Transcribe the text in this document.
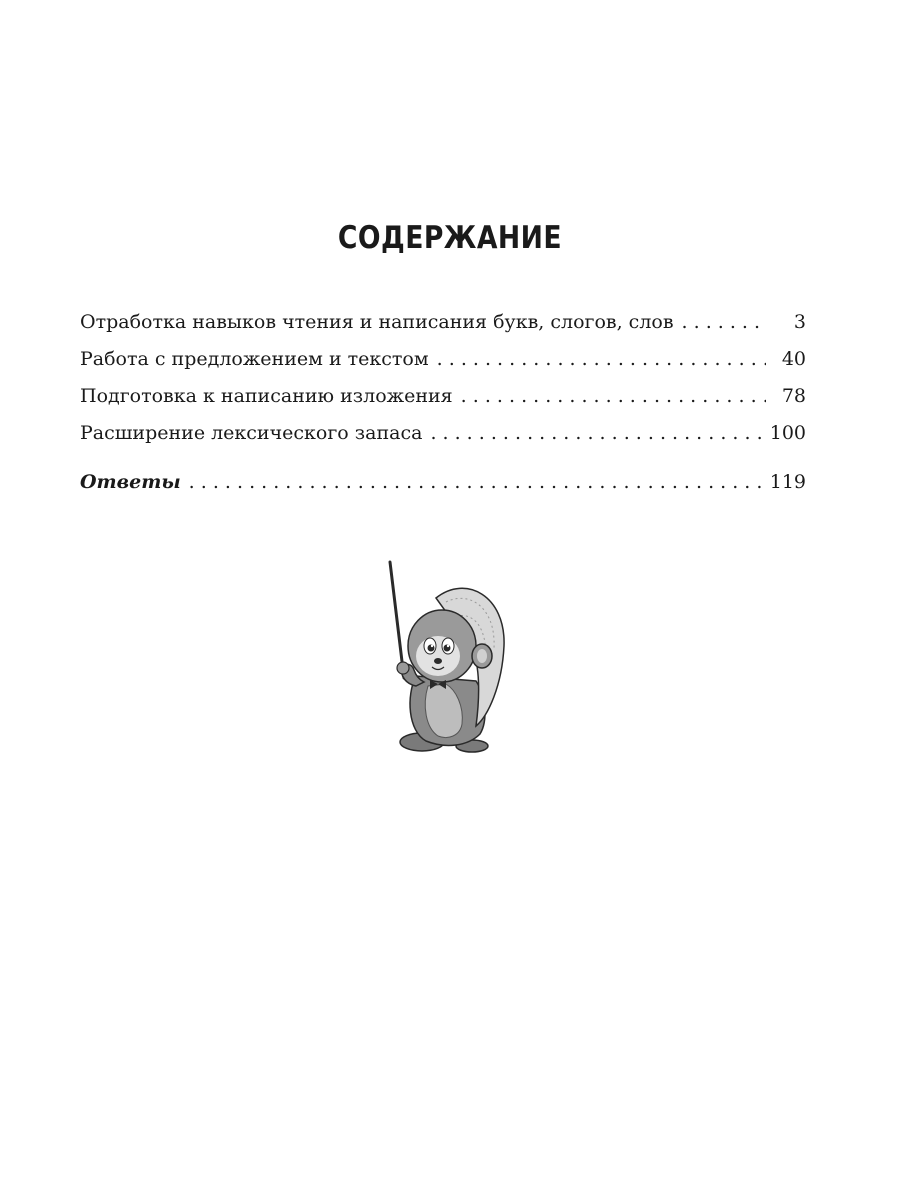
СОДЕРЖАНИЕ
Отработка навыков чтения и написания букв, слогов, слов . . .	3
Работа с предложением и текстом . . .	40
Подготовка к написанию изложения . . .	78
Расширение лексического запаса . . .	100
Ответы . . .	119
